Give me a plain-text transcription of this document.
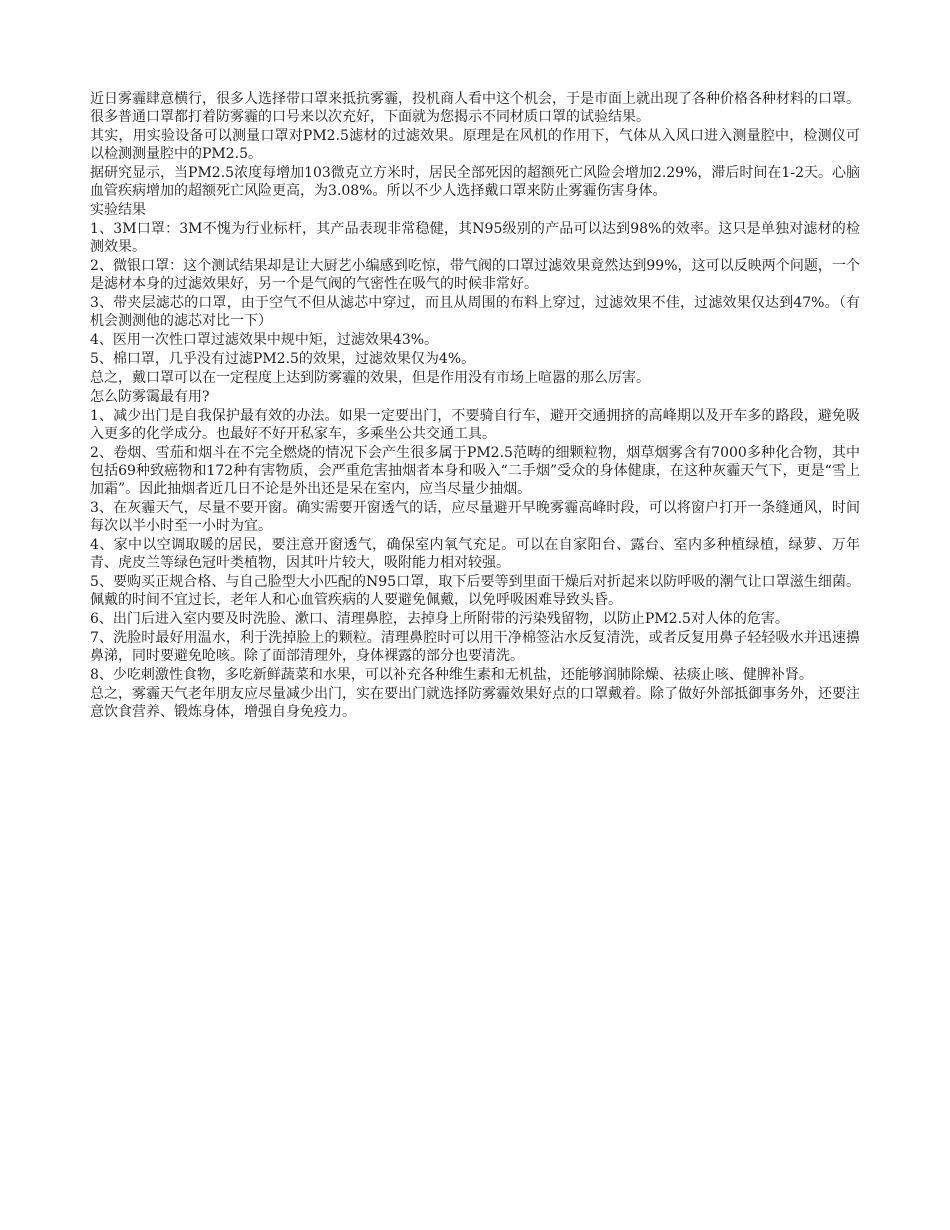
近日雾霾肆意横行，很多人选择带口罩来抵抗雾霾，投机商人看中这个机会，于是市面上就出现了各种价格各种材料的口罩。很多普通口罩都打着防雾霾的口号来以次充好，下面就为您揭示不同材质口罩的试验结果。

其实，用实验设备可以测量口罩对PM2.5滤材的过滤效果。原理是在风机的作用下，气体从入风口进入测量腔中，检测仪可以检测测量腔中的PM2.5。

据研究显示，当PM2.5浓度每增加103微克立方米时，居民全部死因的超额死亡风险会增加2.29%，滞后时间在1-2天。心脑血管疾病增加的超额死亡风险更高，为3.08%。所以不少人选择戴口罩来防止雾霾伤害身体。

实验结果

1、3M口罩：3M不愧为行业标杆，其产品表现非常稳健，其N95级别的产品可以达到98%的效率。这只是单独对滤材的检测效果。

2、微银口罩：这个测试结果却是让大厨艺小编感到吃惊，带气阀的口罩过滤效果竟然达到99%，这可以反映两个问题，一个是滤材本身的过滤效果好，另一个是气阀的气密性在吸气的时候非常好。

3、带夹层滤芯的口罩，由于空气不但从滤芯中穿过，而且从周围的布料上穿过，过滤效果不佳，过滤效果仅达到47%。（有机会测测他的滤芯对比一下）

4、医用一次性口罩过滤效果中规中矩，过滤效果43%。

5、棉口罩，几乎没有过滤PM2.5的效果，过滤效果仅为4%。

总之，戴口罩可以在一定程度上达到防雾霾的效果，但是作用没有市场上喧嚣的那么厉害。

怎么防雾霭最有用?

1、减少出门是自我保护最有效的办法。如果一定要出门，不要骑自行车，避开交通拥挤的高峰期以及开车多的路段，避免吸入更多的化学成分。也最好不好开私家车，多乘坐公共交通工具。

2、卷烟、雪茄和烟斗在不完全燃烧的情况下会产生很多属于PM2.5范畴的细颗粒物，烟草烟雾含有7000多种化合物，其中包括69种致癌物和172种有害物质，会严重危害抽烟者本身和吸入“二手烟”受众的身体健康，在这种灰霾天气下，更是“雪上加霜”。因此抽烟者近几日不论是外出还是呆在室内，应当尽量少抽烟。

3、在灰霾天气，尽量不要开窗。确实需要开窗透气的话，应尽量避开早晚雾霾高峰时段，可以将窗户打开一条缝通风，时间每次以半小时至一小时为宜。

4、家中以空调取暖的居民，要注意开窗透气，确保室内氧气充足。可以在自家阳台、露台、室内多种植绿植，绿萝、万年青、虎皮兰等绿色冠叶类植物，因其叶片较大，吸附能力相对较强。

5、要购买正规合格、与自己脸型大小匹配的N95口罩，取下后要等到里面干燥后对折起来以防呼吸的潮气让口罩滋生细菌。佩戴的时间不宜过长，老年人和心血管疾病的人要避免佩戴，以免呼吸困难导致头昏。

6、出门后进入室内要及时洗脸、漱口、清理鼻腔，去掉身上所附带的污染残留物，以防止PM2.5对人体的危害。

7、洗脸时最好用温水，利于洗掉脸上的颗粒。清理鼻腔时可以用干净棉签沾水反复清洗，或者反复用鼻子轻轻吸水并迅速擤鼻涕，同时要避免呛咳。除了面部清理外，身体裸露的部分也要清洗。

8、少吃刺激性食物，多吃新鲜蔬菜和水果，可以补充各种维生素和无机盐，还能够润肺除燥、祛痰止咳、健脾补肾。

总之，雾霾天气老年朋友应尽量减少出门，实在要出门就选择防雾霾效果好点的口罩戴着。除了做好外部抵御事务外，还要注意饮食营养、锻炼身体，增强自身免疫力。
